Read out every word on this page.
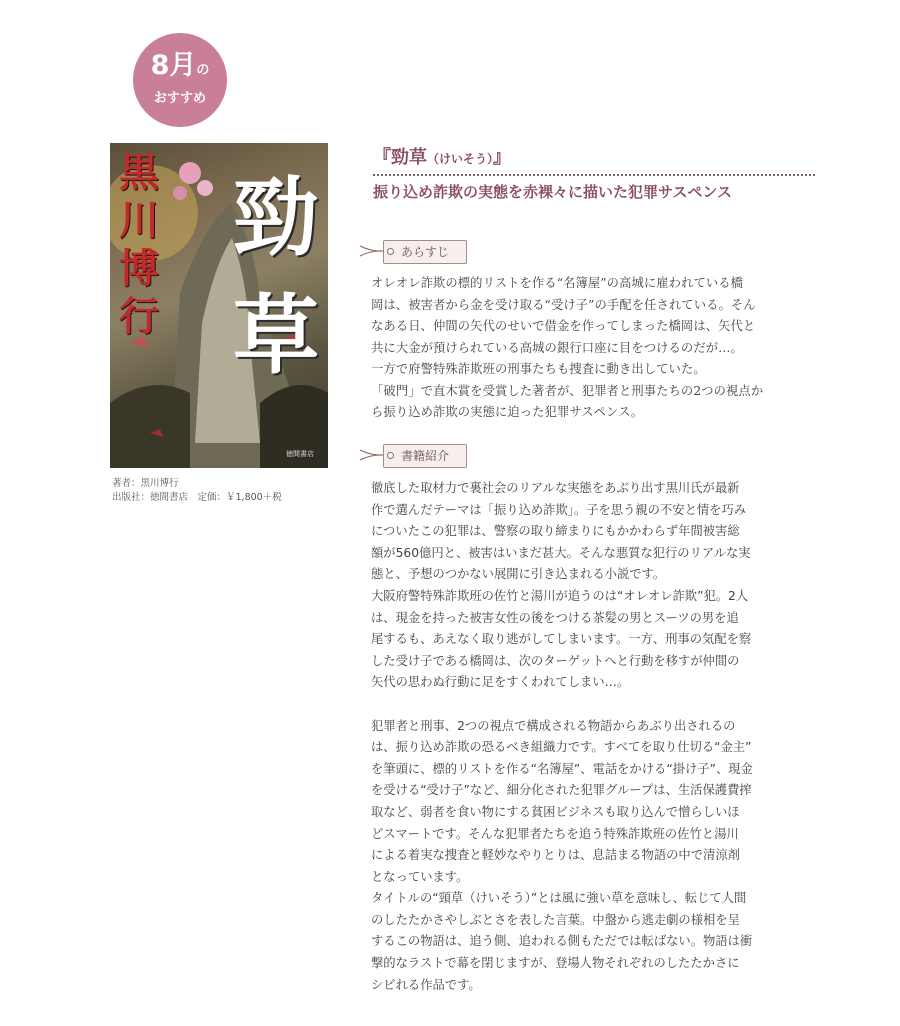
8月の
おすすめ
黒川博行
勁草
徳間書店
著者：黒川博行
出版社：徳間書店　定価：￥1,800＋税
『勁草（けいそう）』
振り込め詐欺の実態を赤裸々に描いた犯罪サスペンス
あらすじ
オレオレ詐欺の標的リストを作る“名簿屋”の高城に雇われている橋
岡は、被害者から金を受け取る“受け子”の手配を任されている。そん
なある日、仲間の矢代のせいで借金を作ってしまった橋岡は、矢代と
共に大金が預けられている高城の銀行口座に目をつけるのだが…。
一方で府警特殊詐欺班の刑事たちも捜査に動き出していた。
「破門」で直木賞を受賞した著者が、犯罪者と刑事たちの2つの視点か
ら振り込め詐欺の実態に迫った犯罪サスペンス。
書籍紹介
徹底した取材力で裏社会のリアルな実態をあぶり出す黒川氏が最新
作で選んだテーマは「振り込め詐欺」。子を思う親の不安と情を巧み
についたこの犯罪は、警察の取り締まりにもかかわらず年間被害総
額が560億円と、被害はいまだ甚大。そんな悪質な犯行のリアルな実
態と、予想のつかない展開に引き込まれる小説です。
大阪府警特殊詐欺班の佐竹と湯川が追うのは“オレオレ詐欺”犯。2人
は、現金を持った被害女性の後をつける茶髪の男とスーツの男を追
尾するも、あえなく取り逃がしてしまいます。一方、刑事の気配を察
した受け子である橋岡は、次のターゲットへと行動を移すが仲間の
矢代の思わぬ行動に足をすくわれてしまい…。
犯罪者と刑事、2つの視点で構成される物語からあぶり出されるの
は、振り込め詐欺の恐るべき組織力です。すべてを取り仕切る“金主”
を筆頭に、標的リストを作る“名簿屋”、電話をかける“掛け子”、現金
を受ける“受け子”など、細分化された犯罪グループは、生活保護費搾
取など、弱者を食い物にする貧困ビジネスも取り込んで憎らしいほ
どスマートです。そんな犯罪者たちを追う特殊詐欺班の佐竹と湯川
による着実な捜査と軽妙なやりとりは、息詰まる物語の中で清涼剤
となっています。
タイトルの“頸草（けいそう）”とは風に強い草を意味し、転じて人間
のしたたかさやしぶとさを表した言葉。中盤から逃走劇の様相を呈
するこの物語は、追う側、追われる側もただでは転ばない。物語は衝
撃的なラストで幕を閉じますが、登場人物それぞれのしたたかさに
シビれる作品です。
